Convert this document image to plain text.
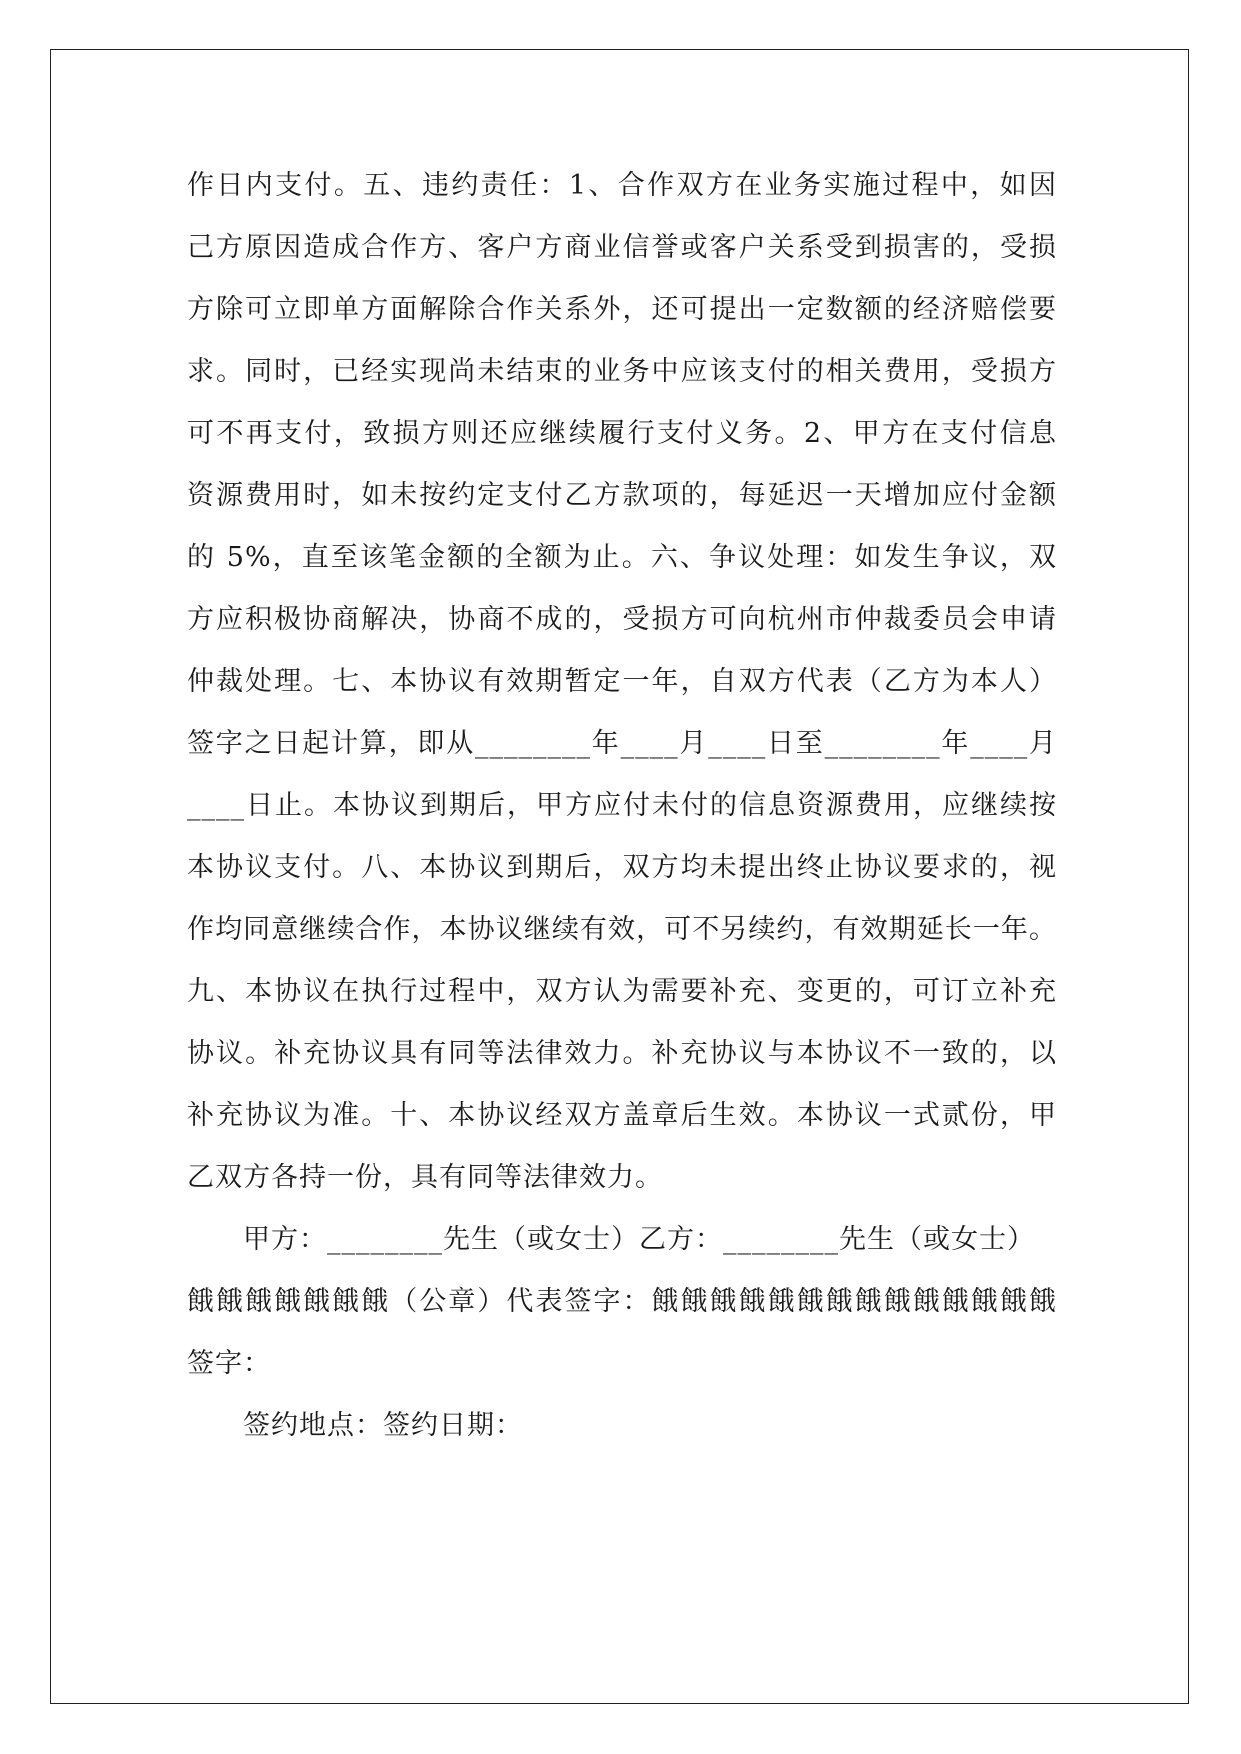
作日内支付。五、违约责任：1、合作双方在业务实施过程中，如因
己方原因造成合作方、客户方商业信誉或客户关系受到损害的，受损
方除可立即单方面解除合作关系外，还可提出一定数额的经济赔偿要
求。同时，已经实现尚未结束的业务中应该支付的相关费用，受损方
可不再支付，致损方则还应继续履行支付义务。2、甲方在支付信息
资源费用时，如未按约定支付乙方款项的，每延迟一天增加应付金额
的 5%，直至该笔金额的全额为止。六、争议处理：如发生争议，双
方应积极协商解决，协商不成的，受损方可向杭州市仲裁委员会申请
仲裁处理。七、本协议有效期暂定一年，自双方代表（乙方为本人）
签字之日起计算，即从________年____月____日至________年____月
____日止。本协议到期后，甲方应付未付的信息资源费用，应继续按
本协议支付。八、本协议到期后，双方均未提出终止协议要求的，视
作均同意继续合作，本协议继续有效，可不另续约，有效期延长一年。
九、本协议在执行过程中，双方认为需要补充、变更的，可订立补充
协议。补充协议具有同等法律效力。补充协议与本协议不一致的，以
补充协议为准。十、本协议经双方盖章后生效。本协议一式贰份，甲
乙双方各持一份，具有同等法律效力。
甲方：________先生（或女士）乙方：________先生（或女士）
餓餓餓餓餓餓餓（公章）代表签字：餓餓餓餓餓餓餓餓餓餓餓餓餓餓
签字：
签约地点：签约日期：
